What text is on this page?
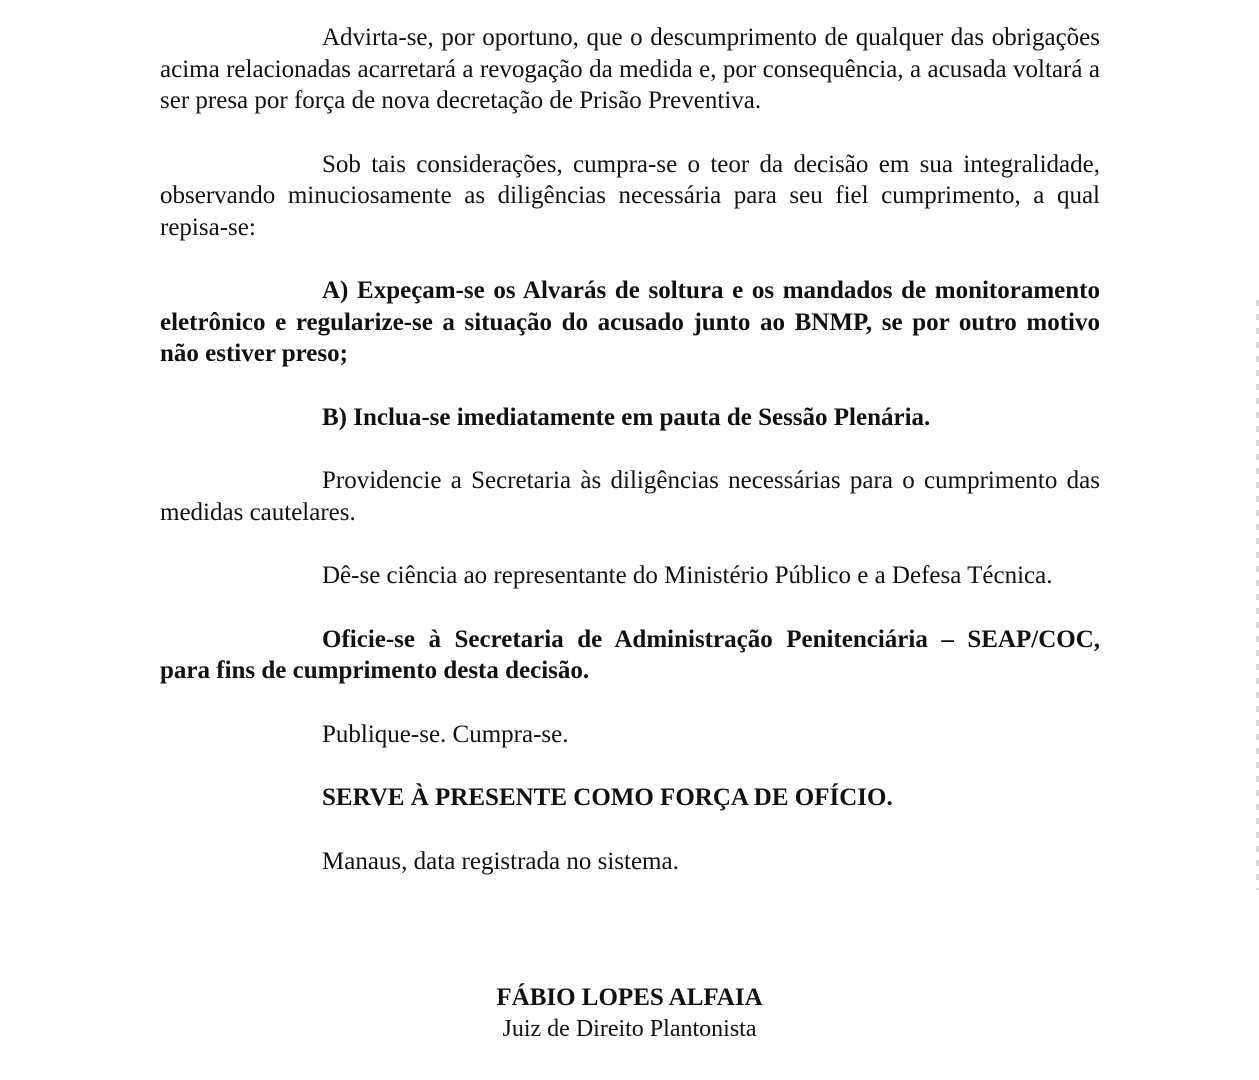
Advirta-se, por oportuno, que o descumprimento de qualquer das obrigações acima relacionadas acarretará a revogação da medida e, por consequência, a acusada voltará a ser presa por força de nova decretação de Prisão Preventiva.

Sob tais considerações, cumpra-se o teor da decisão em sua integralidade, observando minuciosamente as diligências necessária para seu fiel cumprimento, a qual repisa-se:

A) Expeçam-se os Alvarás de soltura e os mandados de monitoramento eletrônico e regularize-se a situação do acusado junto ao BNMP, se por outro motivo não estiver preso;

B) Inclua-se imediatamente em pauta de Sessão Plenária.

Providencie a Secretaria às diligências necessárias para o cumprimento das medidas cautelares.

Dê-se ciência ao representante do Ministério Público e a Defesa Técnica.

Oficie-se à Secretaria de Administração Penitenciária – SEAP/COC, para fins de cumprimento desta decisão.

Publique-se. Cumpra-se.

SERVE À PRESENTE COMO FORÇA DE OFÍCIO.

Manaus, data registrada no sistema.

FÁBIO LOPES ALFAIA
Juiz de Direito Plantonista
